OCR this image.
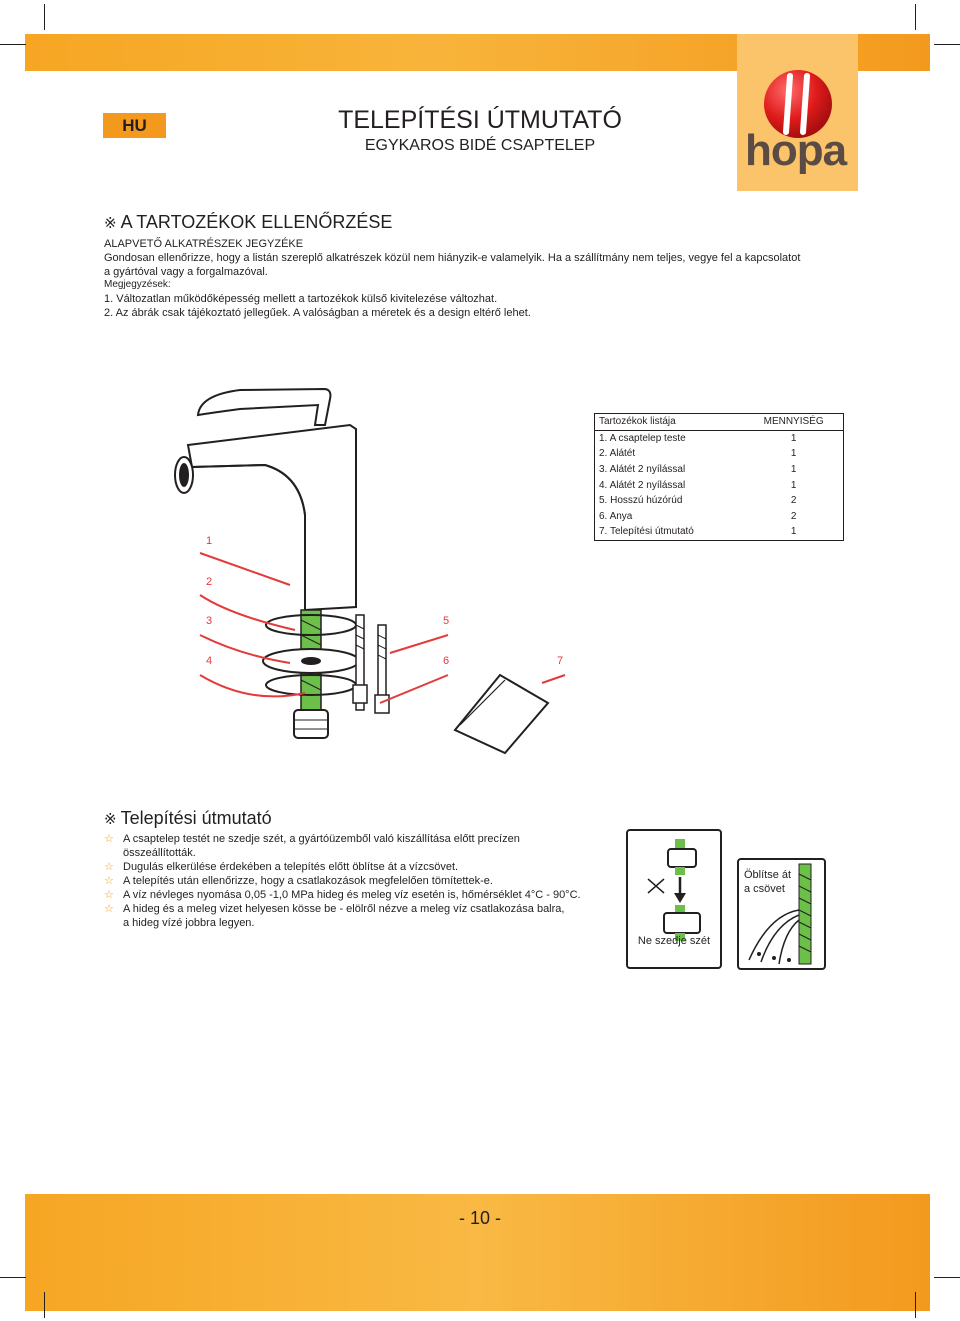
HU	TELEPÍTÉSI ÚTMUTATÓ
EGYKAROS BIDÉ CSAPTELEP	hopa
※ A TARTOZÉKOK ELLENŐRZÉSE
ALAPVETŐ ALKATRÉSZEK JEGYZÉKE
Gondosan ellenőrizze, hogy a listán szereplő alkatrészek közül nem hiányzik-e valamelyik. Ha a szállítmány nem teljes, vegye fel a kapcsolatot
a gyártóval vagy a forgalmazóval.
Megjegyzések:
1. Változatlan működőképesség mellett a tartozékok külső kivitelezése változhat.
2. Az ábrák csak tájékoztató jellegűek. A valóságban a méretek és a design eltérő lehet.
1
2
3	5
4	6	7
Tartozékok listája	MENNYISÉG
1. A csaptelep teste	1
2. Alátét	1
3. Alátét 2 nyílással	1
4. Alátét 2 nyílással	1
5. Hosszú húzórúd	2
6. Anya	2
7. Telepítési útmutató	1
※ Telepítési útmutató
☆ A csaptelep testét ne szedje szét, a gyártóüzemből való kiszállítása előtt precízen
összeállították.
☆ Dugulás elkerülése érdekében a telepítés előtt öblítse át a vízcsövet.
☆ A telepítés után ellenőrizze, hogy a csatlakozások megfelelően tömítettek-e.
☆ A víz névleges nyomása 0,05 -1,0 MPa hideg és meleg víz esetén is, hőmérséklet 4°C - 90°C.
☆ A hideg és a meleg vizet helyesen kösse be - elölről nézve a meleg víz csatlakozása balra,
a hideg vízé jobbra legyen.
Ne szedje szét
Öblítse át
a csövet
- 10 -
